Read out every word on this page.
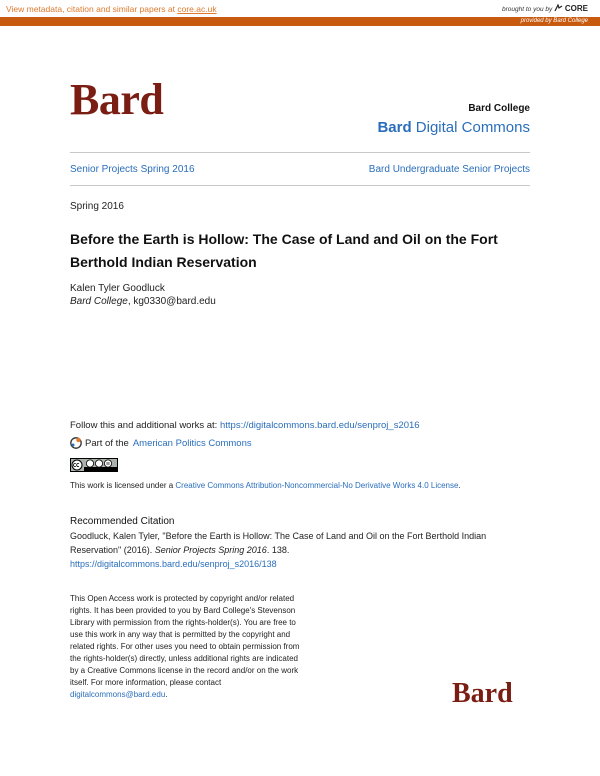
View metadata, citation and similar papers at core.ac.uk	brought to you by CORE
provided by Bard College
Bard	Bard College
Bard Digital Commons
Senior Projects Spring 2016	Bard Undergraduate Senior Projects
Spring 2016
Before the Earth is Hollow: The Case of Land and Oil on the Fort Berthold Indian Reservation
Kalen Tyler Goodluck
Bard College, kg0330@bard.edu
Follow this and additional works at: https://digitalcommons.bard.edu/senproj_s2016
Part of the American Politics Commons
This work is licensed under a Creative Commons Attribution-Noncommercial-No Derivative Works 4.0 License.
Recommended Citation
Goodluck, Kalen Tyler, "Before the Earth is Hollow: The Case of Land and Oil on the Fort Berthold Indian Reservation" (2016). Senior Projects Spring 2016. 138.
https://digitalcommons.bard.edu/senproj_s2016/138
This Open Access work is protected by copyright and/or related rights. It has been provided to you by Bard College's Stevenson Library with permission from the rights-holder(s). You are free to use this work in any way that is permitted by the copyright and related rights. For other uses you need to obtain permission from the rights-holder(s) directly, unless additional rights are indicated by a Creative Commons license in the record and/or on the work itself. For more information, please contact digitalcommons@bard.edu.	Bard
